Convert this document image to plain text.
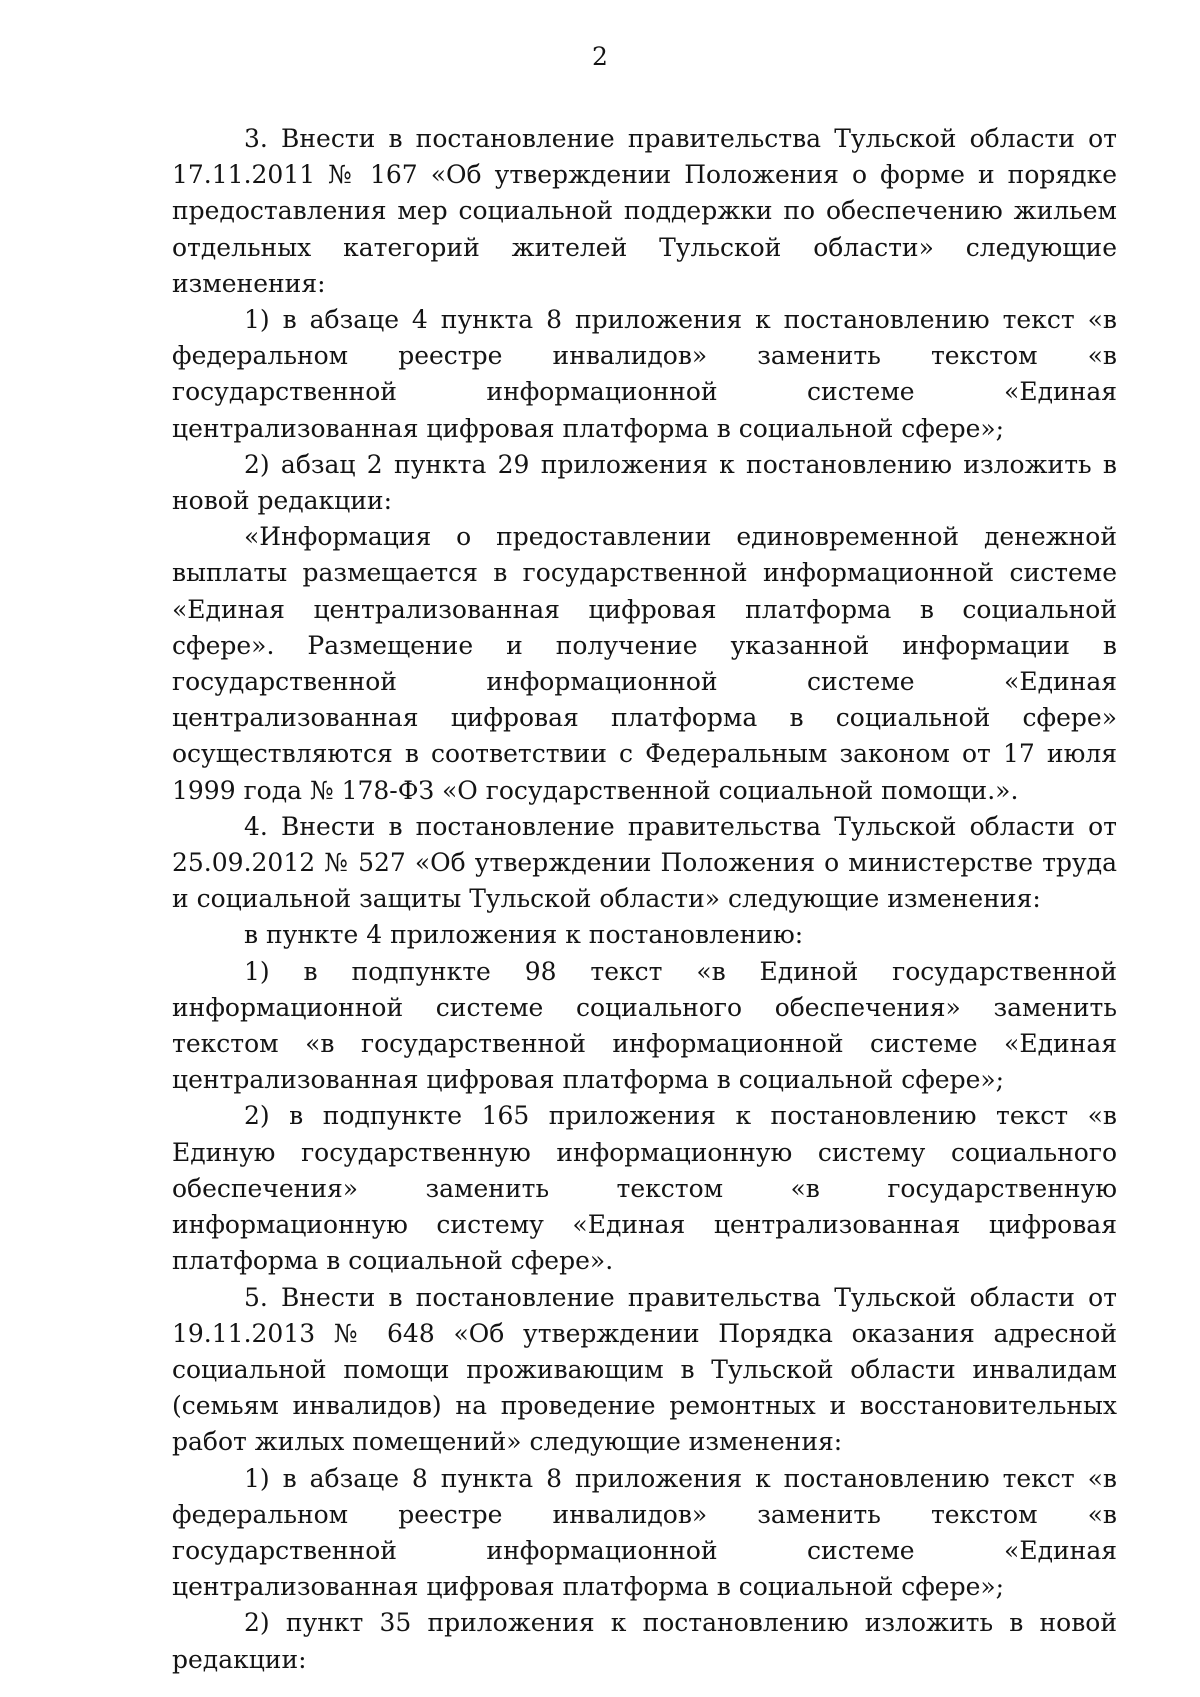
2

3. Внести в постановление правительства Тульской области от 17.11.2011 № 167 «Об утверждении Положения о форме и порядке предоставления мер социальной поддержки по обеспечению жильем отдельных категорий жителей Тульской области» следующие изменения:

1) в абзаце 4 пункта 8 приложения к постановлению текст «в федеральном реестре инвалидов» заменить текстом «в государственной информационной системе «Единая централизованная цифровая платформа в социальной сфере»;

2) абзац 2 пункта 29 приложения к постановлению изложить в новой редакции:

«Информация о предоставлении единовременной денежной выплаты размещается в государственной информационной системе «Единая централизованная цифровая платформа в социальной сфере». Размещение и получение указанной информации в государственной информационной системе «Единая централизованная цифровая платформа в социальной сфере» осуществляются в соответствии с Федеральным законом от 17 июля 1999 года № 178-ФЗ «О государственной социальной помощи.».

4. Внести в постановление правительства Тульской области от 25.09.2012 № 527 «Об утверждении Положения о министерстве труда и социальной защиты Тульской области» следующие изменения:

в пункте 4 приложения к постановлению:

1) в подпункте 98 текст «в Единой государственной информационной системе социального обеспечения» заменить текстом «в государственной информационной системе «Единая централизованная цифровая платформа в социальной сфере»;

2) в подпункте 165 приложения к постановлению текст «в Единую государственную информационную систему социального обеспечения» заменить текстом «в государственную информационную систему «Единая централизованная цифровая платформа в социальной сфере».

5. Внести в постановление правительства Тульской области от 19.11.2013 № 648 «Об утверждении Порядка оказания адресной социальной помощи проживающим в Тульской области инвалидам (семьям инвалидов) на проведение ремонтных и восстановительных работ жилых помещений» следующие изменения:

1) в абзаце 8 пункта 8 приложения к постановлению текст «в федеральном реестре инвалидов» заменить текстом «в государственной информационной системе «Единая централизованная цифровая платформа в социальной сфере»;

2) пункт 35 приложения к постановлению изложить в новой редакции:
